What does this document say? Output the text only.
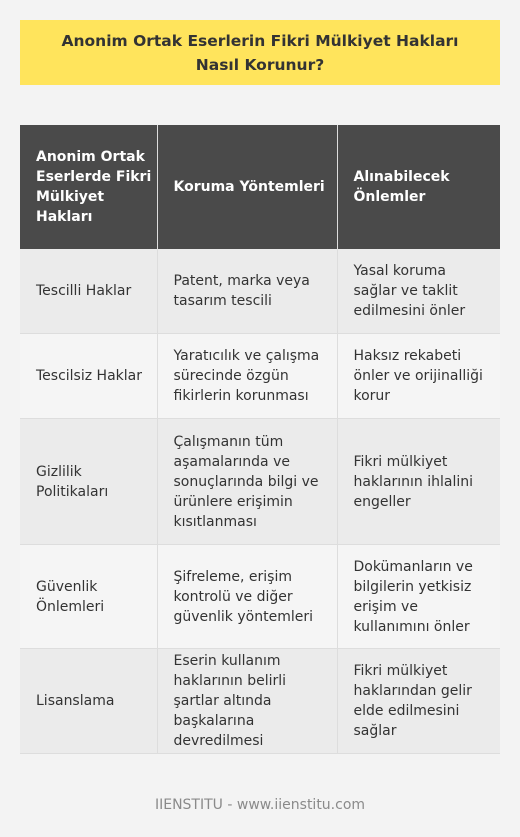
Anonim Ortak Eserlerin Fikri Mülkiyet Hakları Nasıl Korunur?
Anonim Ortak Eserlerde Fikri Mülkiyet Hakları	Koruma Yöntemleri	Alınabilecek Önlemler
Tescilli Haklar	Patent, marka veya tasarım tescili	Yasal koruma sağlar ve taklit edilmesini önler
Tescilsiz Haklar	Yaratıcılık ve çalışma sürecinde özgün fikirlerin korunması	Haksız rekabeti önler ve orijinalliği korur
Gizlilik Politikaları	Çalışmanın tüm aşamalarında ve sonuçlarında bilgi ve ürünlere erişimin kısıtlanması	Fikri mülkiyet haklarının ihlalini engeller
Güvenlik Önlemleri	Şifreleme, erişim kontrolü ve diğer güvenlik yöntemleri	Dokümanların ve bilgilerin yetkisiz erişim ve kullanımını önler
Lisanslama	Eserin kullanım haklarının belirli şartlar altında başkalarına devredilmesi	Fikri mülkiyet haklarından gelir elde edilmesini sağlar
IIENSTITU - www.iienstitu.com
